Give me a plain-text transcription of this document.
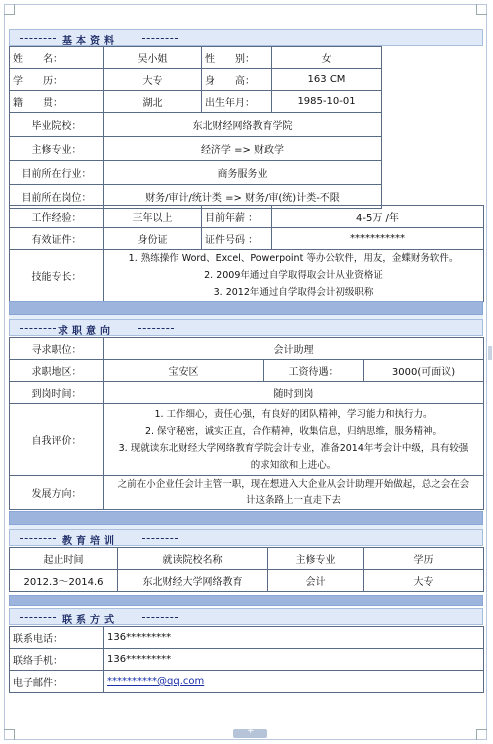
基本资料
姓　　名：	吴小姐	性　　别：	女
学　　历：	大专	身　　高：	163 CM
籍　　贯：	湖北	出生年月：	1985-10-01
毕业院校：	东北财经网络教育学院		
主修专业：	经济学 => 财政学		
目前所在行业：	商务服务业		
目前所在岗位：	财务/审计/统计类 => 财务/审(统)计类-不限		
工作经验：	三年以上	目前年薪 ：	4-5万 /年
有效证件：	身份证	证件号码 ：	***********
技能专长：	1. 熟练操作 Word、Excel、Powerpoint 等办公软件，用友，金蝶财务软件。
2. 2009年通过自学取得取会计从业资格证
3. 2012年通过自学取得会计初级职称		
求职意向
寻求职位：	会计助理		
求职地区：	宝安区	工资待遇：	3000(可面议)
到岗时间：	随时到岗		
自我评价：	1. 工作细心，责任心强，有良好的团队精神，学习能力和执行力。
2. 保守秘密，诚实正直，合作精神，收集信息，归纳思维，服务精神。
3. 现就读东北财经大学网络教育学院会计专业，准备2014年考会计中级，具有较强
的求知欲和上进心。		

发展方向：	之前在小企业任会计主管一职，现在想进入大企业从会计助理开始做起，总之会在会
计这条路上一直走下去		
教育培训
起止时间	就读院校名称	主修专业	学历
2012.3～2014.6	东北财经大学网络教育	会计	大专
联系方式
联系电话：	136*********
联络手机：	136*********
电子邮件：	**********@qq.com
+
